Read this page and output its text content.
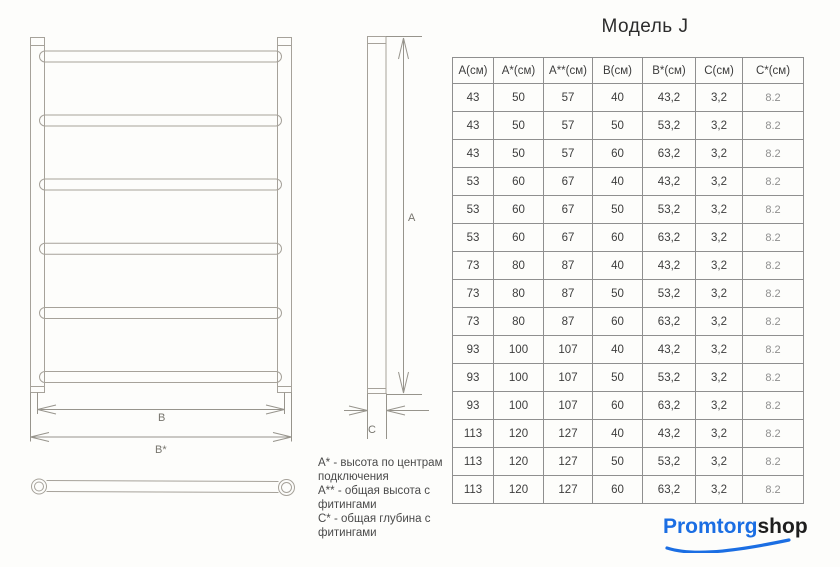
B
B*
A
C
Модель J
А(см)	А*(см)	А**(см)	В(см)	В*(см)	С(см)	С*(см)
43	50	57	40	43,2	3,2	8.2
43	50	57	50	53,2	3,2	8.2
43	50	57	60	63,2	3,2	8.2
53	60	67	40	43,2	3,2	8.2
53	60	67	50	53,2	3,2	8.2
53	60	67	60	63,2	3,2	8.2
73	80	87	40	43,2	3,2	8.2
73	80	87	50	53,2	3,2	8.2
73	80	87	60	63,2	3,2	8.2
93	100	107	40	43,2	3,2	8.2
93	100	107	50	53,2	3,2	8.2
93	100	107	60	63,2	3,2	8.2
113	120	127	40	43,2	3,2	8.2
113	120	127	50	53,2	3,2	8.2
113	120	127	60	63,2	3,2	8.2
А* - высота по центрам подключения
А** - общая высота с фитингами
С* - общая глубина с фитингами	Promtorgshop
